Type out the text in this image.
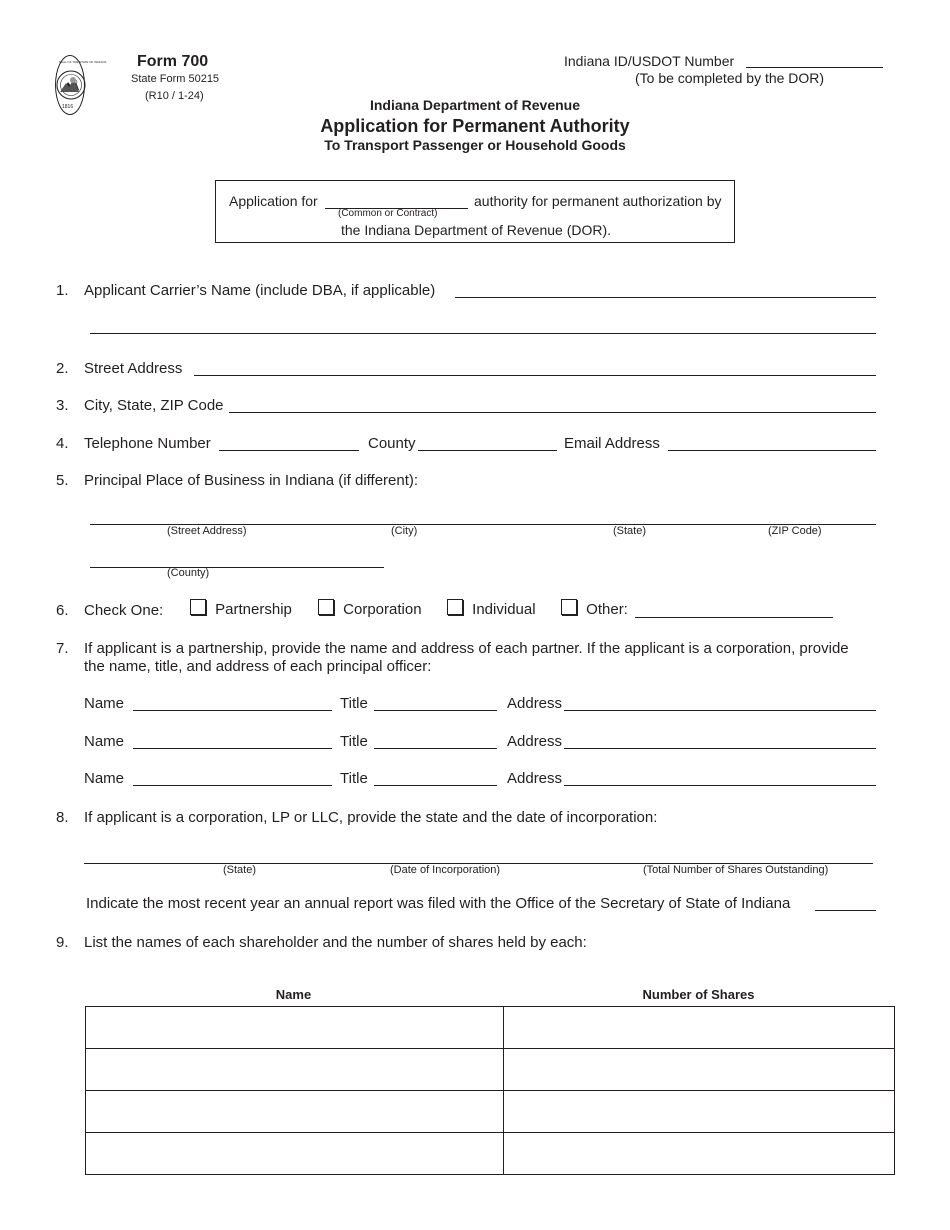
1816
SEAL OF THE STATE OF INDIANA Form 700
State Form 50215
(R10 / 1-24)
Indiana ID/USDOT Number
(To be completed by the DOR)
Indiana Department of Revenue
Application for Permanent Authority
To Transport Passenger or Household Goods
Application for	authority for permanent authorization by
(Common or Contract)
the Indiana Department of Revenue (DOR).
1. Applicant Carrier’s Name (include DBA, if applicable)
2. Street Address
3. City, State, ZIP Code
4. Telephone Number	County	Email Address
5. Principal Place of Business in Indiana (if different):
(Street Address)	(City)	(State)	(ZIP Code)
(County)
6. Check One:	Partnership	Corporation	Individual	Other:
7. If applicant is a partnership, provide the name and address of each partner. If the applicant is a corporation, provide
the name, title, and address of each principal officer:
Name	Title	Address
Name	Title	Address
Name	Title	Address
8. If applicant is a corporation, LP or LLC, provide the state and the date of incorporation:
(State)	(Date of Incorporation)	(Total Number of Shares Outstanding)
Indicate the most recent year an annual report was filed with the Office of the Secretary of State of Indiana
9. List the names of each shareholder and the number of shares held by each:
Name	Number of Shares
